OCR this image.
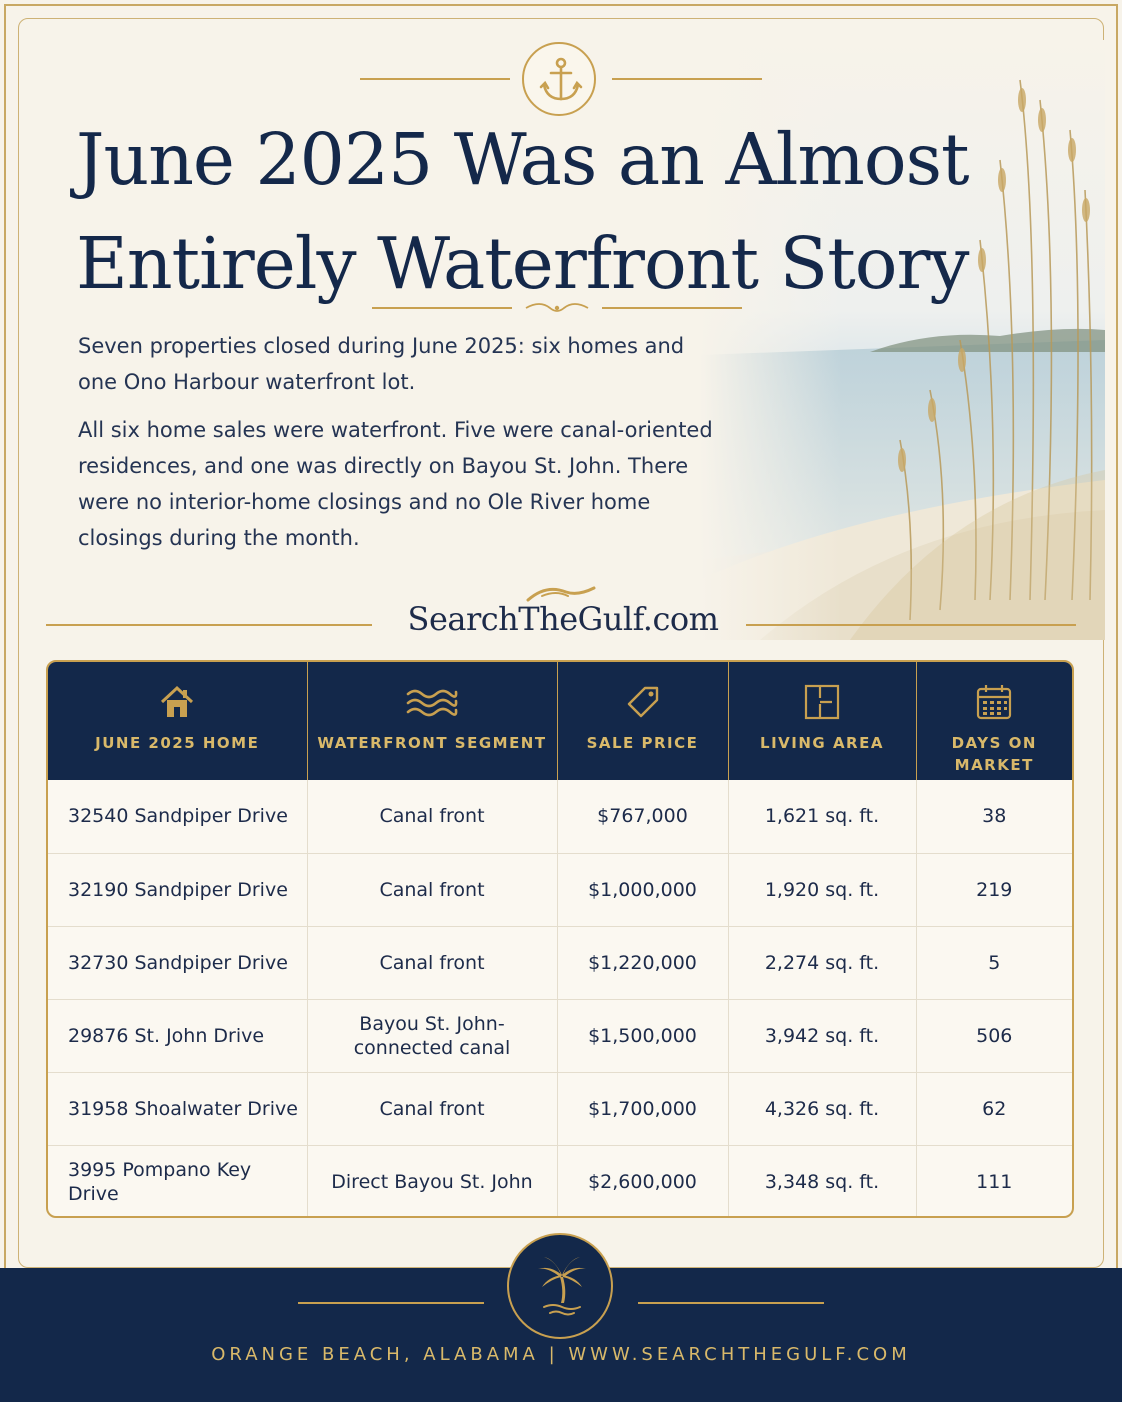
June 2025 Was an Almost
Entirely Waterfront Story

Seven properties closed during June 2025: six homes and one Ono Harbour waterfront lot.

All six home sales were waterfront. Five were canal-oriented residences, and one was directly on Bayou St. John. There were no interior-home closings and no Ole River home closings during the month.

SearchTheGulf.com
JUNE 2025 HOME	WATERFRONT SEGMENT	SALE PRICE	LIVING AREA	DAYS ON MARKET

32540 Sandpiper Drive	Canal front	$767,000	1,621 sq. ft.	38
32190 Sandpiper Drive	Canal front	$1,000,000	1,920 sq. ft.	219
32730 Sandpiper Drive	Canal front	$1,220,000	2,274 sq. ft.	5
29876 St. John Drive	Bayou St. John-connected canal	$1,500,000	3,942 sq. ft.	506
31958 Shoalwater Drive	Canal front	$1,700,000	4,326 sq. ft.	62
3995 Pompano Key Drive	Direct Bayou St. John	$2,600,000	3,348 sq. ft.	111
ORANGE BEACH, ALABAMA | WWW.SEARCHTHEGULF.COM
